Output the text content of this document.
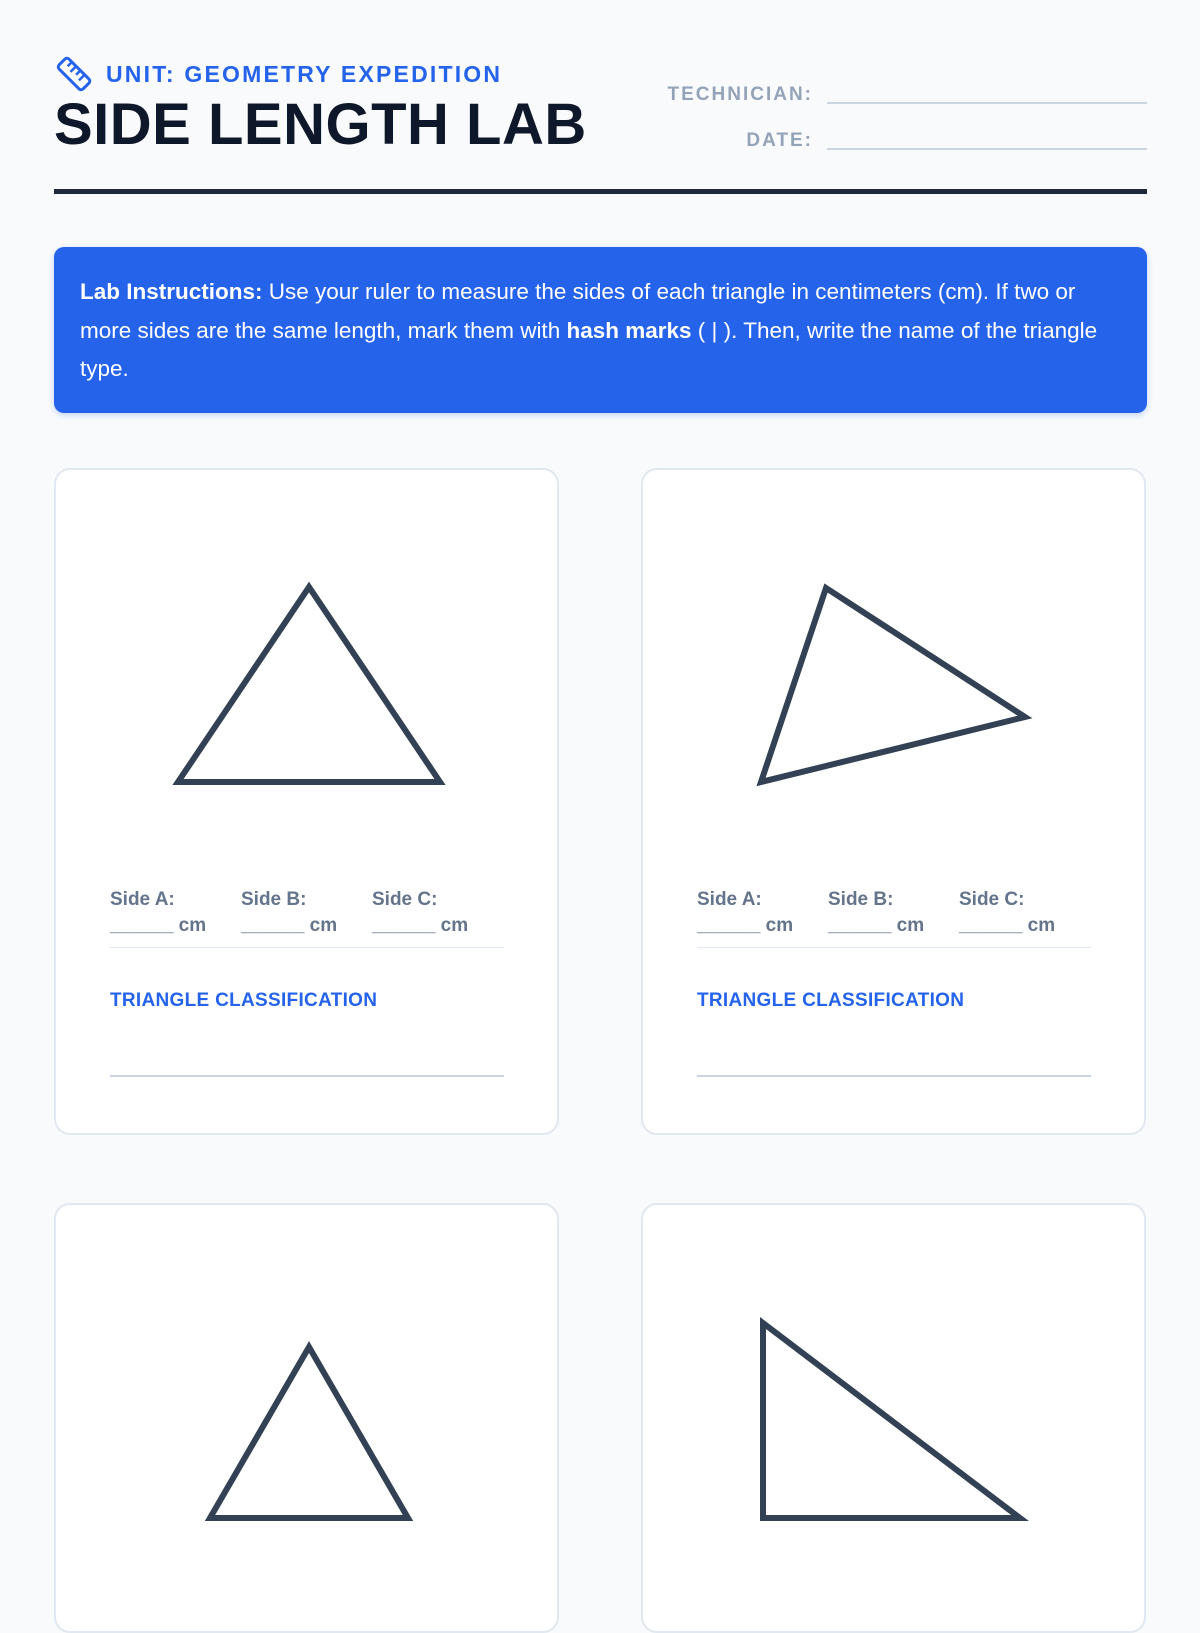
UNIT: GEOMETRY EXPEDITION
SIDE LENGTH LAB	TECHNICIAN:
DATE:
Lab Instructions: Use your ruler to measure the sides of each triangle in centimeters (cm). If two or more sides are the same length, mark them with hash marks ( | ). Then, write the name of the triangle type.
Side A: ______ cm
Side B: ______ cm
Side C: ______ cm
TRIANGLE CLASSIFICATION
Side A: ______ cm
Side B: ______ cm
Side C: ______ cm
TRIANGLE CLASSIFICATION
